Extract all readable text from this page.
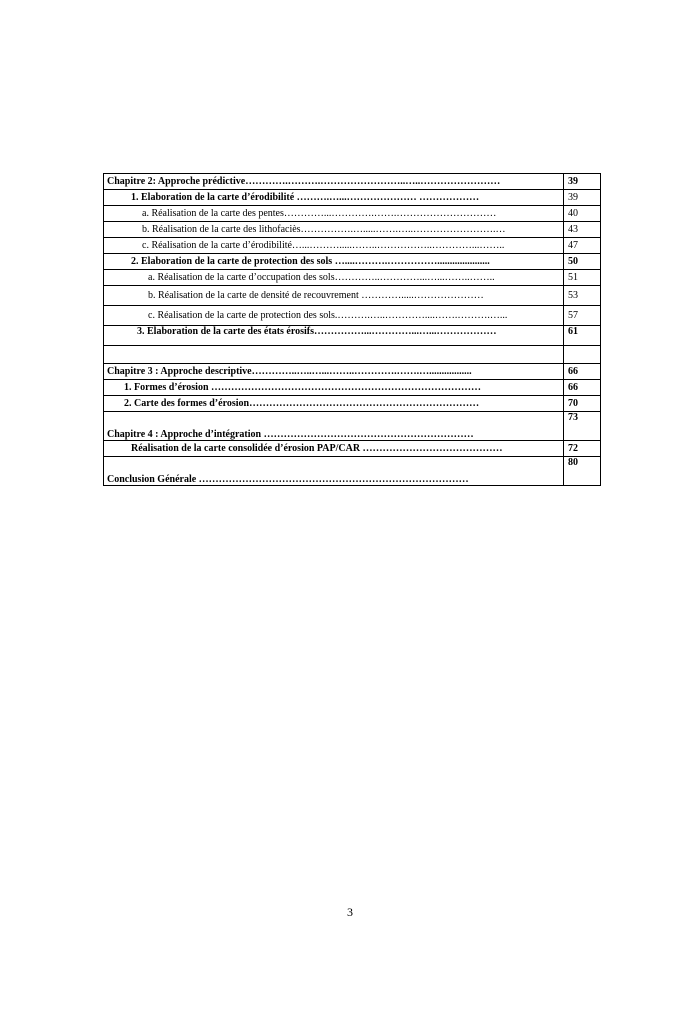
Chapitre 2: Approche prédictive………….……….……………………..…..……………………	39
1. Elaboration de la carte d’érodibilité ……….…...………………… ………………	39
a. Réalisation de la carte des pentes…………...………….…….…………………………	40
b. Réalisation de la carte des lithofaciès…………….….....…….…..…………………….…	43
c. Réalisation de la carte d’érodibilité…...……….....……..……………..…………...……..	47
2. Elaboration de la carte de protection des sols …....……….…………….....................	50
a. Réalisation de la carte d’occupation des sols…………..…………...…...……..……..	51
b. Réalisation de la carte de densité de recouvrement ………….....…………………	53
c. Réalisation de la carte de protection des sols.……….…..…………....…….……….…...	57
3. Elaboration de la carte des états érosifs……………...…………...…...………………	61

Chapitre 3 : Approche descriptive…………..…..…...……..………….…….….................	66
1. Formes d’érosion ………………………………………………………………………	66
2. Carte des formes d’érosion……………………………………………………………	70
Chapitre 4 : Approche d’intégration ………………………………………………………	73
Réalisation de la carte consolidée d’érosion PAP/CAR ……………………………………	72
Conclusion Générale ………………………………………………………………………	80
3
